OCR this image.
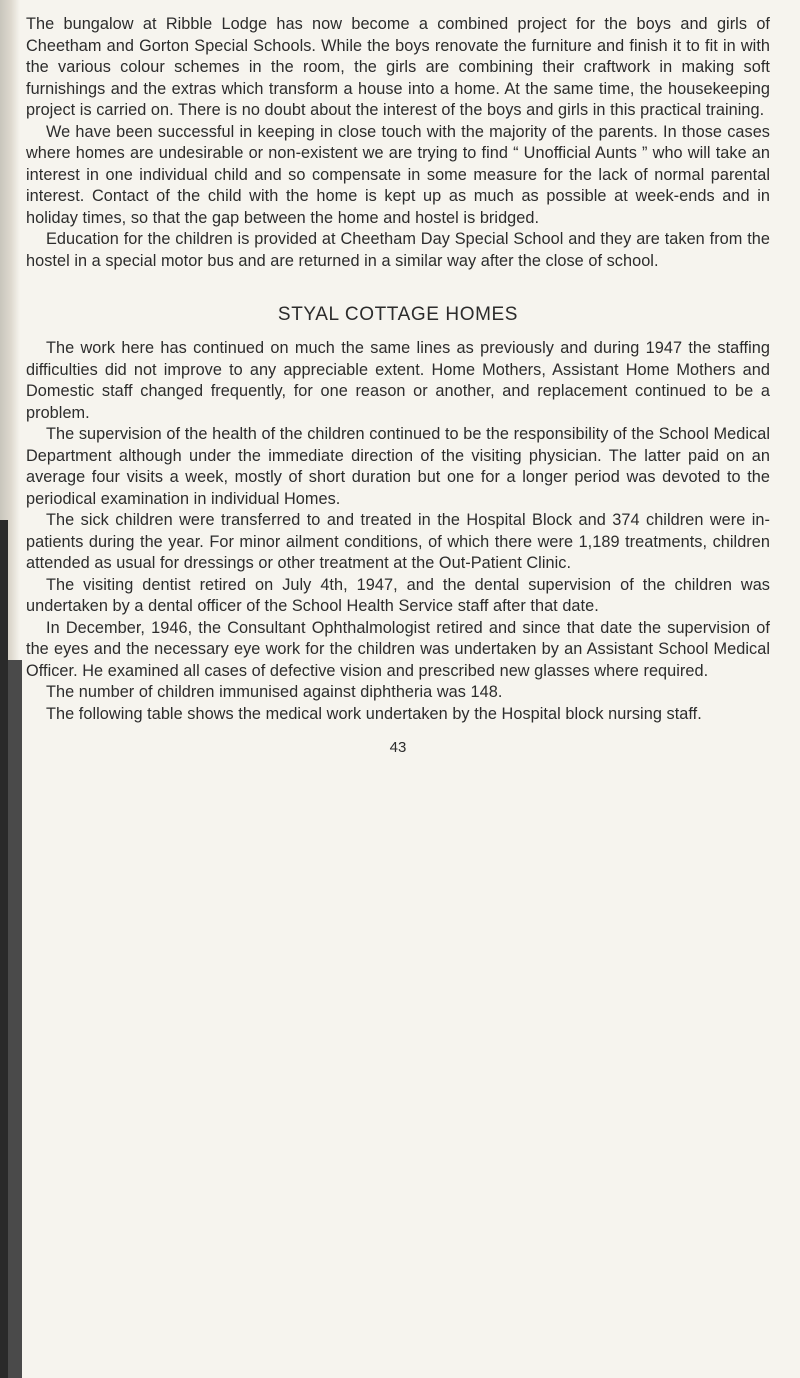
The bungalow at Ribble Lodge has now become a combined project for the boys and girls of Cheetham and Gorton Special Schools. While the boys renovate the furniture and finish it to fit in with the various colour schemes in the room, the girls are combining their craftwork in making soft furnishings and the extras which transform a house into a home. At the same time, the housekeeping project is carried on. There is no doubt about the interest of the boys and girls in this practical training.

We have been successful in keeping in close touch with the majority of the parents. In those cases where homes are undesirable or non-existent we are trying to find “ Unofficial Aunts ” who will take an interest in one individual child and so compensate in some measure for the lack of normal parental interest. Contact of the child with the home is kept up as much as possible at week-ends and in holiday times, so that the gap between the home and hostel is bridged.

Education for the children is provided at Cheetham Day Special School and they are taken from the hostel in a special motor bus and are returned in a similar way after the close of school.

STYAL COTTAGE HOMES

The work here has continued on much the same lines as previously and during 1947 the staffing difficulties did not improve to any appreciable extent. Home Mothers, Assistant Home Mothers and Domestic staff changed frequently, for one reason or another, and replacement continued to be a problem.

The supervision of the health of the children continued to be the responsibility of the School Medical Department although under the immediate direction of the visiting physician. The latter paid on an average four visits a week, mostly of short duration but one for a longer period was devoted to the periodical examination in individual Homes.

The sick children were transferred to and treated in the Hospital Block and 374 children were in-patients during the year. For minor ailment conditions, of which there were 1,189 treatments, children attended as usual for dressings or other treatment at the Out-Patient Clinic.

The visiting dentist retired on July 4th, 1947, and the dental supervision of the children was undertaken by a dental officer of the School Health Service staff after that date.

In December, 1946, the Consultant Ophthalmologist retired and since that date the supervision of the eyes and the necessary eye work for the children was undertaken by an Assistant School Medical Officer. He examined all cases of defective vision and prescribed new glasses where required.

The number of children immunised against diphtheria was 148.

The following table shows the medical work undertaken by the Hospital block nursing staff.

43
